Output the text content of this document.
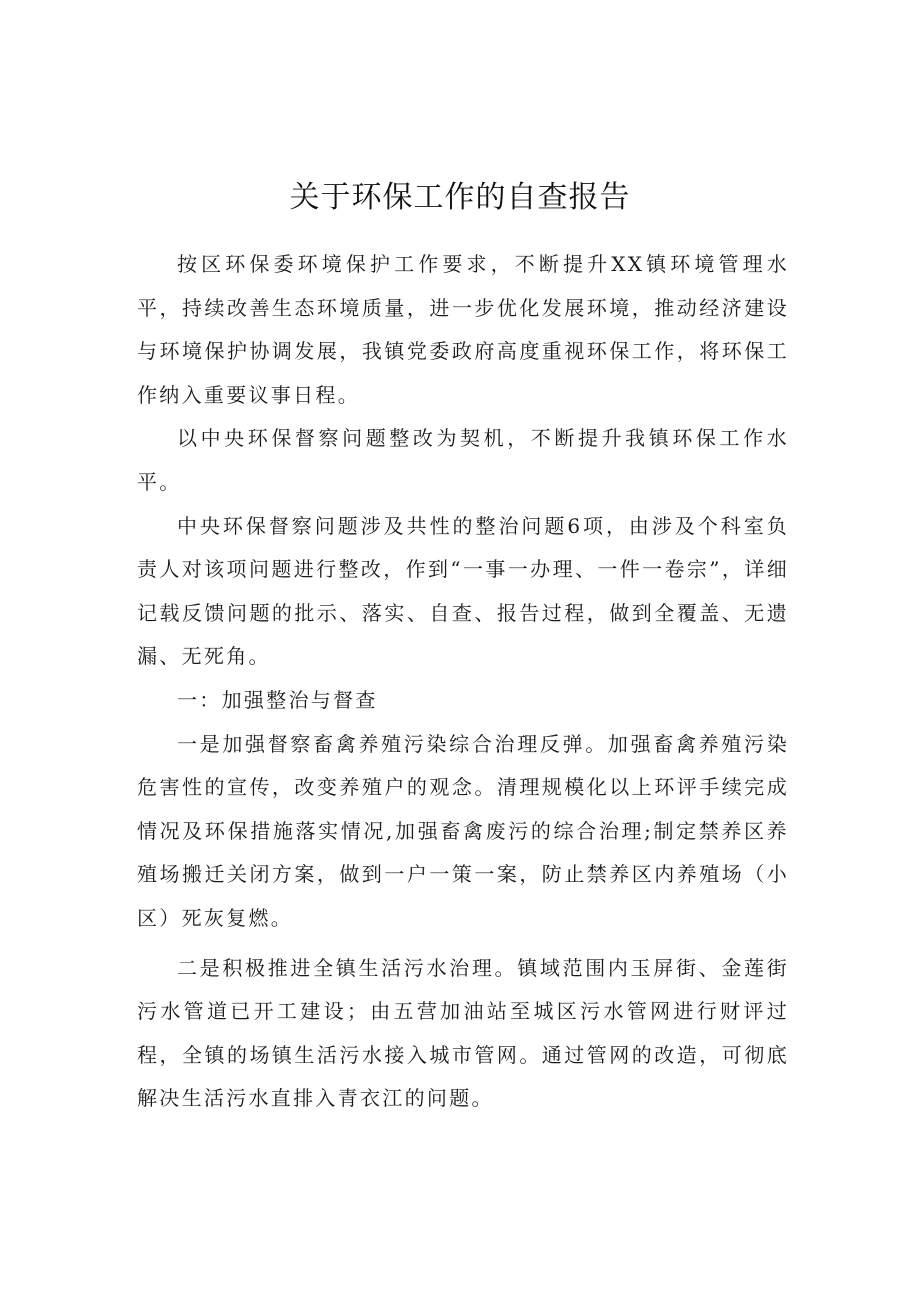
关于环保工作的自查报告

按区环保委环境保护工作要求，不断提升XX镇环境管理水平，持续改善生态环境质量，进一步优化发展环境，推动经济建设与环境保护协调发展，我镇党委政府高度重视环保工作，将环保工作纳入重要议事日程。

以中央环保督察问题整改为契机，不断提升我镇环保工作水平。

中央环保督察问题涉及共性的整治问题6项，由涉及个科室负责人对该项问题进行整改，作到“一事一办理、一件一卷宗”，详细记载反馈问题的批示、落实、自查、报告过程，做到全覆盖、无遗漏、无死角。

一：加强整治与督查

一是加强督察畜禽养殖污染综合治理反弹。加强畜禽养殖污染危害性的宣传，改变养殖户的观念。清理规模化以上环评手续完成情况及环保措施落实情况,加强畜禽废污的综合治理;制定禁养区养殖场搬迁关闭方案，做到一户一策一案，防止禁养区内养殖场（小区）死灰复燃。

二是积极推进全镇生活污水治理。镇域范围内玉屏街、金莲街污水管道已开工建设；由五营加油站至城区污水管网进行财评过程，全镇的场镇生活污水接入城市管网。通过管网的改造，可彻底解决生活污水直排入青衣江的问题。
